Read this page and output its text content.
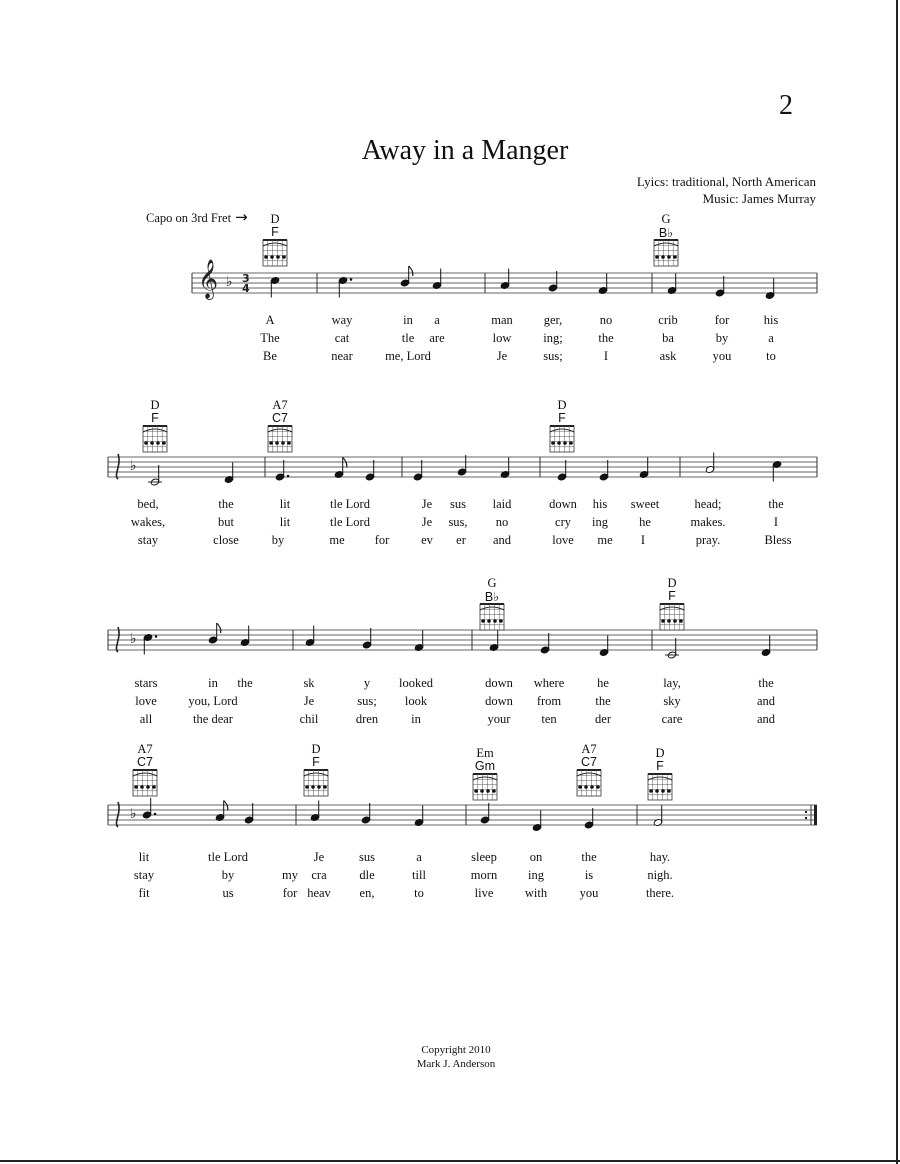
2
Away in a Manger
Lyics: traditional, North American
Music: James Murray
Capo on 3rd Fret →
𝄞 ♭ 3
4
♭
♭
♭
D
F
G
B♭
D
F
A7
C7
D
F
G
B♭
D
F
A7
C7
D
F
Em
Gm
A7
C7
D
F
A	way	in a	man ger,	no	crib	for	his
The	cat	tle are	low	ing;	the	ba	by	a
Be	near	me, Lord	Je	sus;	I	ask	you	to
bed,	the	lit	tle Lord	Je sus laid	down his sweet	head;	the
wakes,	but	lit	tle Lord	Je sus, no	cry ing he	makes.	I
stay	close	by	me for	ev er and	love me I	pray.	Bless
stars	in the	sk	y looked	down where	he	lay,	the
love	you, Lord	Je	sus; look	down from	the	sky	and
all	the dear	chil	dren	in	your ten	der	care	and
lit	tle Lord	Je	sus	a	sleep	on	the	hay.
stay	by	my cra	dle	till	morn ing	is	nigh.
fit	us	for heav en,	to	live	with	you	there.
Copyright 2010
Mark J. Anderson
